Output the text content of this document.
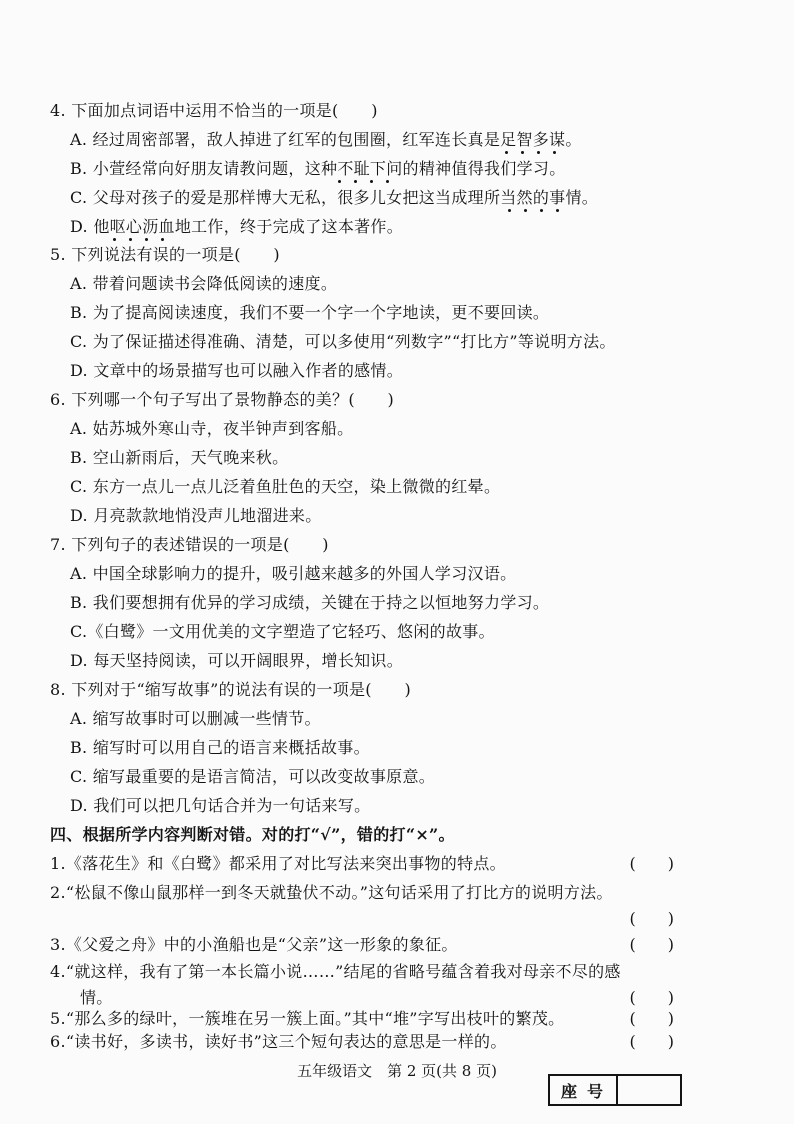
4. 下面加点词语中运用不恰当的一项是(　　)
A. 经过周密部署，敌人掉进了红军的包围圈，红军连长真是足智多谋。
B. 小萱经常向好朋友请教问题，这种不耻下问的精神值得我们学习。
C. 父母对孩子的爱是那样博大无私，很多儿女把这当成理所当然的事情。
D. 他呕心沥血地工作，终于完成了这本著作。
5. 下列说法有误的一项是(　　)
A. 带着问题读书会降低阅读的速度。
B. 为了提高阅读速度，我们不要一个字一个字地读，更不要回读。
C. 为了保证描述得准确、清楚，可以多使用“列数字”“打比方”等说明方法。
D. 文章中的场景描写也可以融入作者的感情。
6. 下列哪一个句子写出了景物静态的美？(　　)
A. 姑苏城外寒山寺，夜半钟声到客船。
B. 空山新雨后，天气晚来秋。
C. 东方一点儿一点儿泛着鱼肚色的天空，染上微微的红晕。
D. 月亮款款地悄没声儿地溜进来。
7. 下列句子的表述错误的一项是(　　)
A. 中国全球影响力的提升，吸引越来越多的外国人学习汉语。
B. 我们要想拥有优异的学习成绩，关键在于持之以恒地努力学习。
C.《白鹭》一文用优美的文字塑造了它轻巧、悠闲的故事。
D. 每天坚持阅读，可以开阔眼界，增长知识。
8. 下列对于“缩写故事”的说法有误的一项是(　　)
A. 缩写故事时可以删减一些情节。
B. 缩写时可以用自己的语言来概括故事。
C. 缩写最重要的是语言简洁，可以改变故事原意。
D. 我们可以把几句话合并为一句话来写。
四、根据所学内容判断对错。对的打“√”，错的打“×”。
1.《落花生》和《白鹭》都采用了对比写法来突出事物的特点。	(　　)
2.“松鼠不像山鼠那样一到冬天就蛰伏不动。”这句话采用了打比方的说明方法。
(　　)
3.《父爱之舟》中的小渔船也是“父亲”这一形象的象征。	(　　)
4.“就这样，我有了第一本长篇小说……”结尾的省略号蕴含着我对母亲不尽的感
情。	(　　)
5.“那么多的绿叶，一簇堆在另一簇上面。”其中“堆”字写出枝叶的繁茂。	(　　)
五年级语文　第 2 页(共 8 页)
座号
6.“读书好，多读书，读好书”这三个短句表达的意思是一样的。	(　　)
